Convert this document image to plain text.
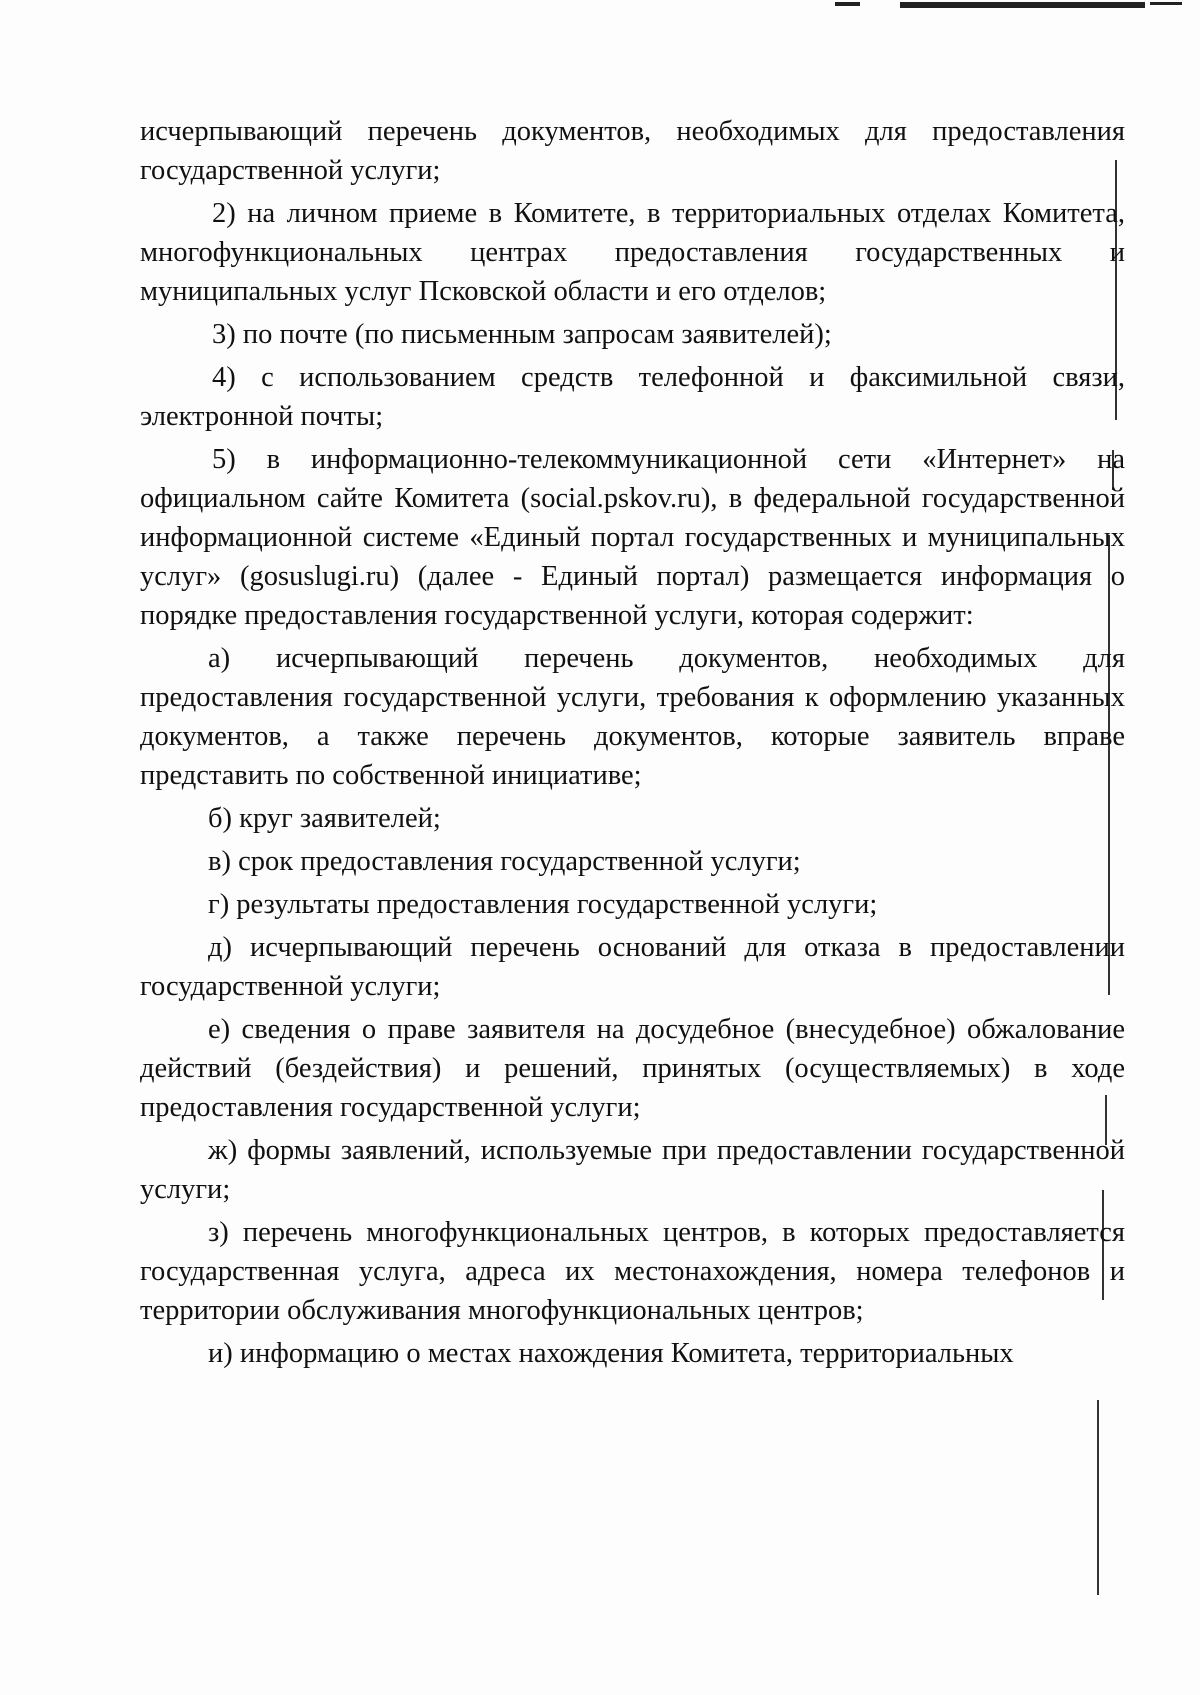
исчерпывающий перечень документов, необходимых для предоставления государственной услуги;

2) на личном приеме в Комитете, в территориальных отделах Комитета, многофункциональных центрах предоставления государственных и муниципальных услуг Псковской области и его отделов;

3) по почте (по письменным запросам заявителей);

4) с использованием средств телефонной и факсимильной связи, электронной почты;

5) в информационно-телекоммуникационной сети «Интернет» на официальном сайте Комитета (social.pskov.ru), в федеральной государственной информационной системе «Единый портал государственных и муниципальных услуг» (gosuslugi.ru) (далее - Единый портал) размещается информация о порядке предоставления государственной услуги, которая содержит:

а) исчерпывающий перечень документов, необходимых для предоставления государственной услуги, требования к оформлению указанных документов, а также перечень документов, которые заявитель вправе представить по собственной инициативе;

б) круг заявителей;

в) срок предоставления государственной услуги;

г) результаты предоставления государственной услуги;

д) исчерпывающий перечень оснований для отказа в предоставлении государственной услуги;

е) сведения о праве заявителя на досудебное (внесудебное) обжалование действий (бездействия) и решений, принятых (осуществляемых) в ходе предоставления государственной услуги;

ж) формы заявлений, используемые при предоставлении государственной услуги;

з) перечень многофункциональных центров, в которых предоставляется государственная услуга, адреса их местонахождения, номера телефонов и территории обслуживания многофункциональных центров;

и) информацию о местах нахождения Комитета, территориальных
